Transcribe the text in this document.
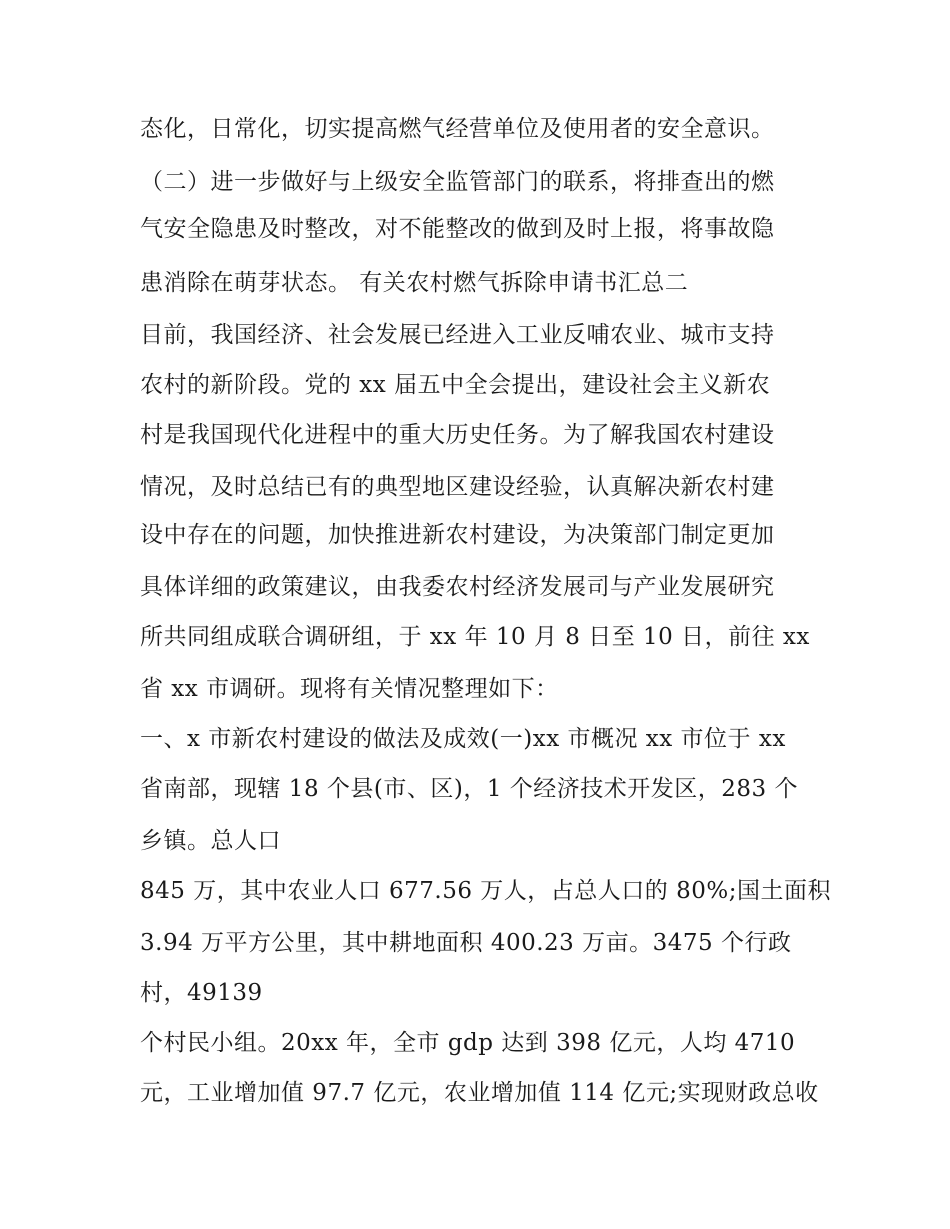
态化，日常化，切实提高燃气经营单位及使用者的安全意识。
（二）进一步做好与上级安全监管部门的联系，将排查出的燃
气安全隐患及时整改，对不能整改的做到及时上报，将事故隐
患消除在萌芽状态。 有关农村燃气拆除申请书汇总二
目前，我国经济、社会发展已经进入工业反哺农业、城市支持
农村的新阶段。党的 xx 届五中全会提出，建设社会主义新农
村是我国现代化进程中的重大历史任务。为了解我国农村建设
情况，及时总结已有的典型地区建设经验，认真解决新农村建
设中存在的问题，加快推进新农村建设，为决策部门制定更加
具体详细的政策建议，由我委农村经济发展司与产业发展研究
所共同组成联合调研组，于 xx 年 10 月 8 日至 10 日，前往 xx
省 xx 市调研。现将有关情况整理如下：
一、x 市新农村建设的做法及成效(一)xx 市概况 xx 市位于 xx
省南部，现辖 18 个县(市、区)，1 个经济技术开发区，283 个
乡镇。总人口
845 万，其中农业人口 677.56 万人，占总人口的 80%;国土面积
3.94 万平方公里，其中耕地面积 400.23 万亩。3475 个行政
村，49139
个村民小组。20xx 年，全市 gdp 达到 398 亿元，人均 4710
元，工业增加值 97.7 亿元，农业增加值 114 亿元;实现财政总收
